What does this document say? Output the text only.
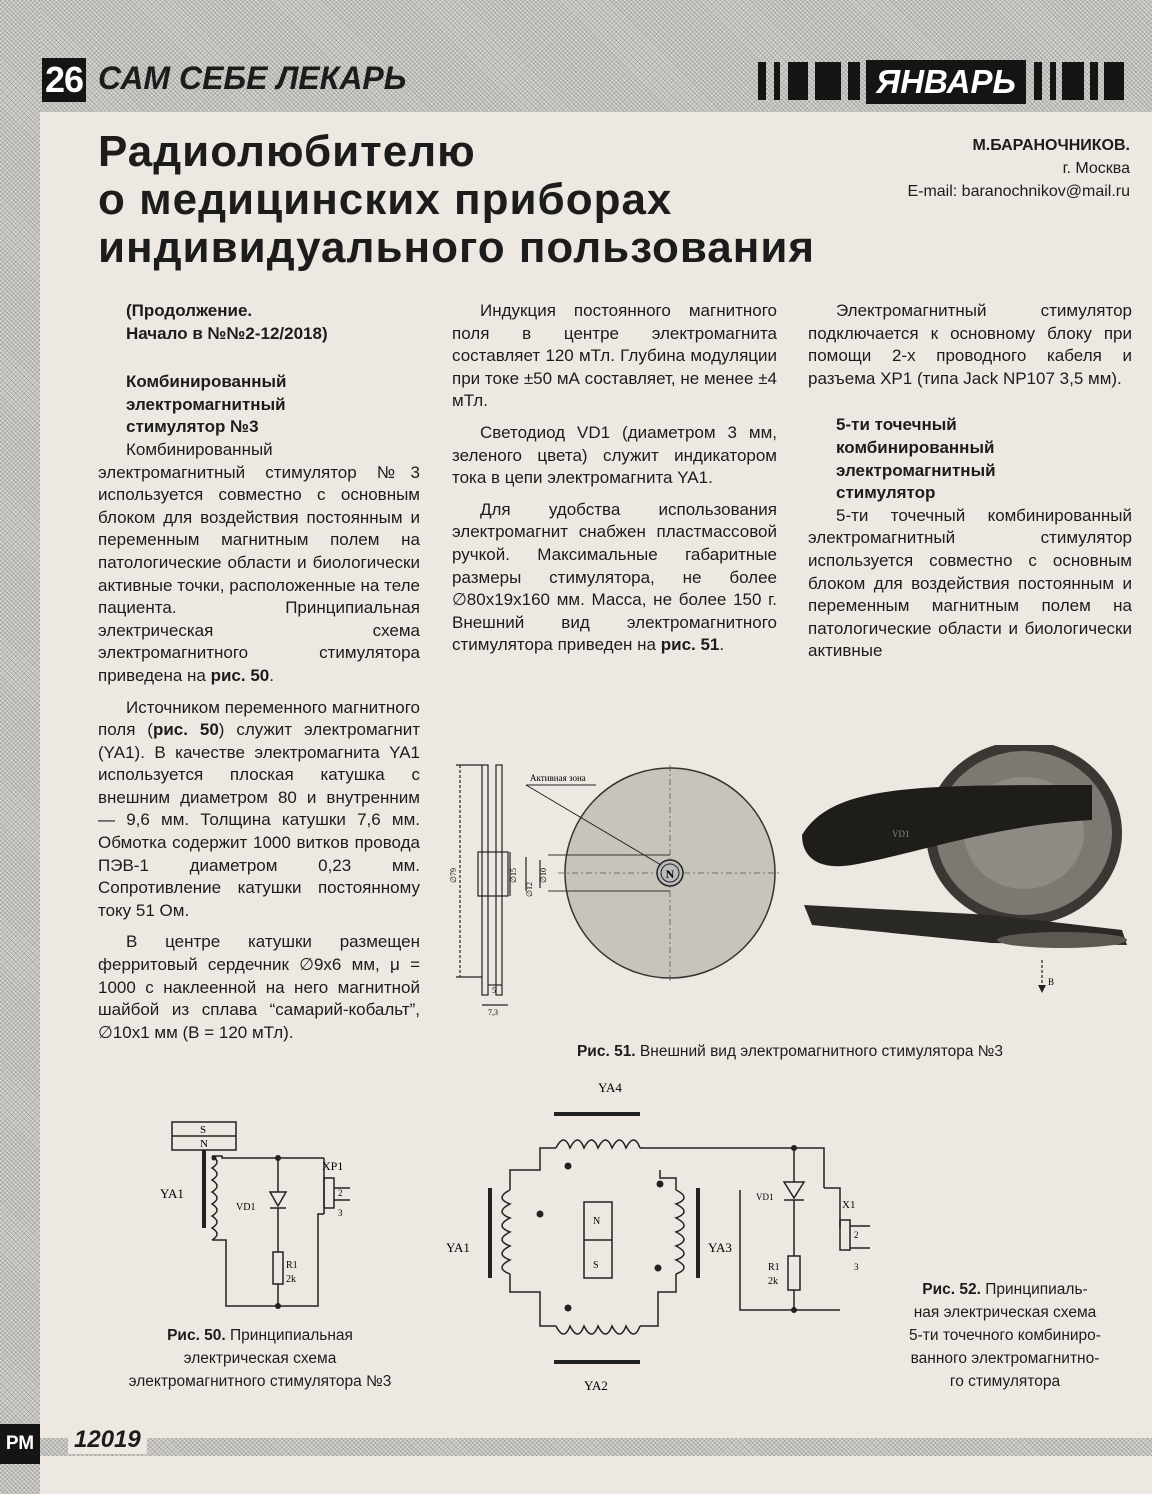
26 САМ СЕБЕ ЛЕКАРЬ	ЯНВАРЬ
Радиолюбителю
о медицинских приборах
индивидуального пользования
М.БАРАНОЧНИКОВ.
г. Москва
E-mail: baranochnikov@mail.ru
(Продолжение.
Начало в №№2-12/2018)
Комбинированный
электромагнитный
стимулятор №3

Комбинированный электромагнитный стимулятор №3 используется совместно с основным блоком для воздействия постоянным и переменным магнитным полем на патологические области и биологически активные точки, расположенные на теле пациента. Принципиальная электрическая схема электромагнитного стимулятора приведена на рис. 50.

Источником переменного магнитного поля (рис. 50) служит электромагнит (YA1). В качестве электромагнита YA1 используется плоская катушка с внешним диаметром 80 и внутренним — 9,6 мм. Толщина катушки 7,6 мм. Обмотка содержит 1000 витков провода ПЭВ-1 диаметром 0,23 мм. Сопротивление катушки постоянному току 51 Ом.

В центре катушки размещен ферритовый сердечник ∅9x6 мм, μ = 1000 с наклеенной на него магнитной шайбой из сплава “самарий-кобальт”, ∅10x1 мм (B = 120 мТл).

Индукция постоянного магнитного поля в центре электромагнита составляет 120 мТл. Глубина модуляции при токе ±50 мА составляет, не менее ±4 мТл.

Светодиод VD1 (диаметром 3 мм, зеленого цвета) служит индикатором тока в цепи электромагнита YA1.

Для удобства использования электромагнит снабжен пластмассовой ручкой. Максимальные габаритные размеры стимулятора, не более ∅80x19x160 мм. Масса, не более 150 г. Внешний вид электромагнитного стимулятора приведен на рис. 51.

Электромагнитный стимулятор подключается к основному блоку при помощи 2-х проводного кабеля и разъема XP1 (типа Jack NP107 3,5 мм).

5-ти точечный
комбинированный
электромагнитный
стимулятор

5-ти точечный комбинированный электромагнитный стимулятор используется совместно с основным блоком для воздействия постоянным и переменным магнитным полем на патологические области и биологически активные

∅79	∅15
∅12
∅10
5
7,3
N
Активная зона
VD1
B
Рис. 51. Внешний вид электромагнитного стимулятора №3
S
N
YA1
VD1
XP1
2
3
R1
2k
Рис. 50. Принципиальная
электрическая схема
электромагнитного стимулятора №3
YA4
YA2
YA1	YA3
N
S
VD1
X1
2
3
R1
2k	Рис. 52. Принципиаль-
ная электрическая схема
5-ти точечного комбиниро-
ванного электромагнитно-
го стимулятора
РМ 12019
